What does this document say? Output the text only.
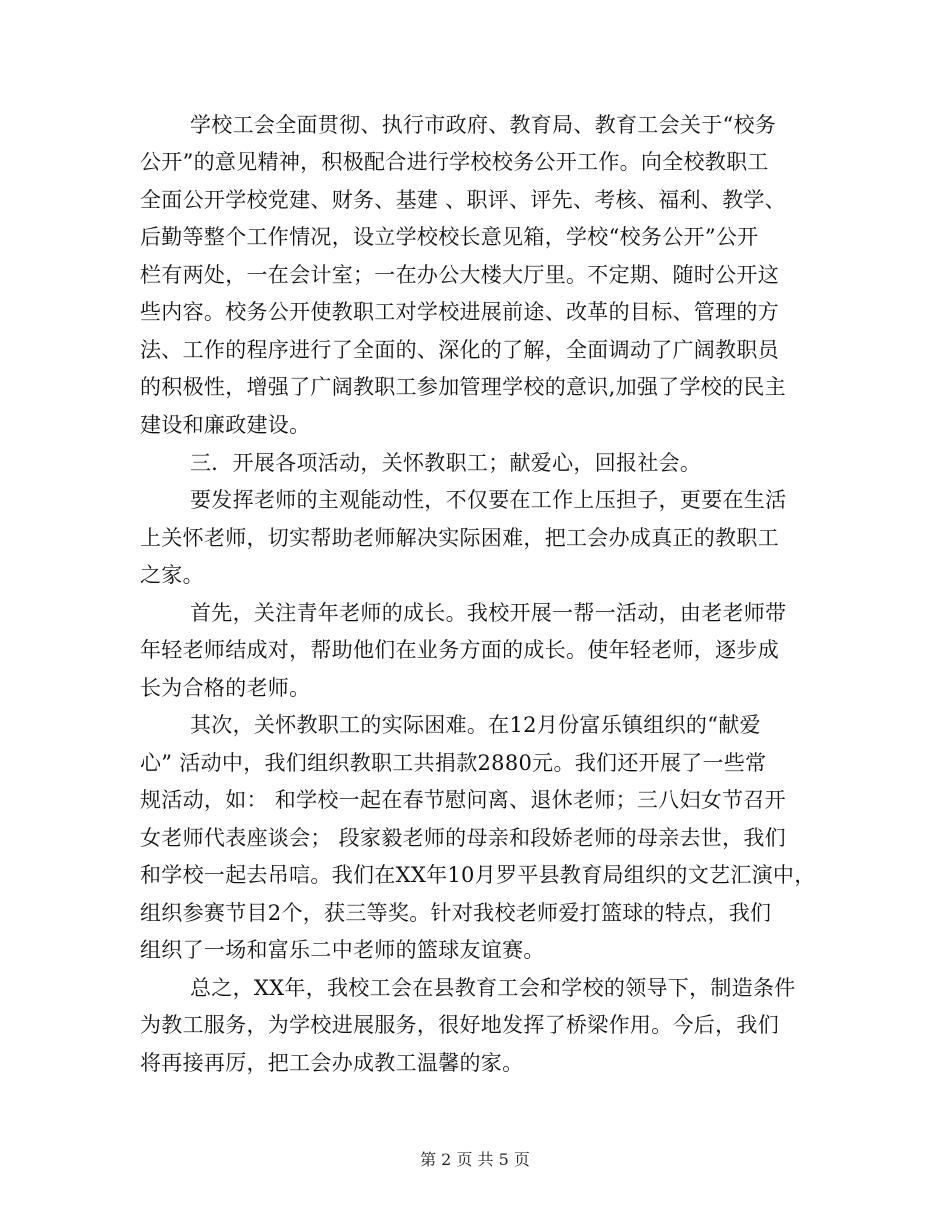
学校工会全面贯彻、执行市政府、教育局、教育工会关于“校务
公开”的意见精神，积极配合进行学校校务公开工作。向全校教职工
全面公开学校党建、财务、基建 、职评、评先、考核、福利、教学、
后勤等整个工作情况，设立学校校长意见箱，学校“校务公开”公开
栏有两处，一在会计室；一在办公大楼大厅里。不定期、随时公开这
些内容。校务公开使教职工对学校进展前途、改革的目标、管理的方
法、工作的程序进行了全面的、深化的了解，全面调动了广阔教职员
的积极性，增强了广阔教职工参加管理学校的意识,加强了学校的民主
建设和廉政建设。
三．开展各项活动，关怀教职工；献爱心，回报社会。
要发挥老师的主观能动性，不仅要在工作上压担子，更要在生活
上关怀老师，切实帮助老师解决实际困难，把工会办成真正的教职工
之家。
首先，关注青年老师的成长。我校开展一帮一活动，由老老师带
年轻老师结成对，帮助他们在业务方面的成长。使年轻老师，逐步成
长为合格的老师。
其次，关怀教职工的实际困难。在12月份富乐镇组织的“献爱
心” 活动中，我们组织教职工共捐款2880元。我们还开展了一些常
规活动，如： 和学校一起在春节慰问离、退休老师；三八妇女节召开
女老师代表座谈会； 段家毅老师的母亲和段娇老师的母亲去世，我们
和学校一起去吊唁。我们在XX年10月罗平县教育局组织的文艺汇演中，
组织参赛节目2个，获三等奖。针对我校老师爱打篮球的特点，我们
组织了一场和富乐二中老师的篮球友谊赛。
总之，XX年，我校工会在县教育工会和学校的领导下，制造条件
为教工服务，为学校进展服务，很好地发挥了桥梁作用。今后，我们
将再接再厉，把工会办成教工温馨的家。
第 2 页 共 5 页
